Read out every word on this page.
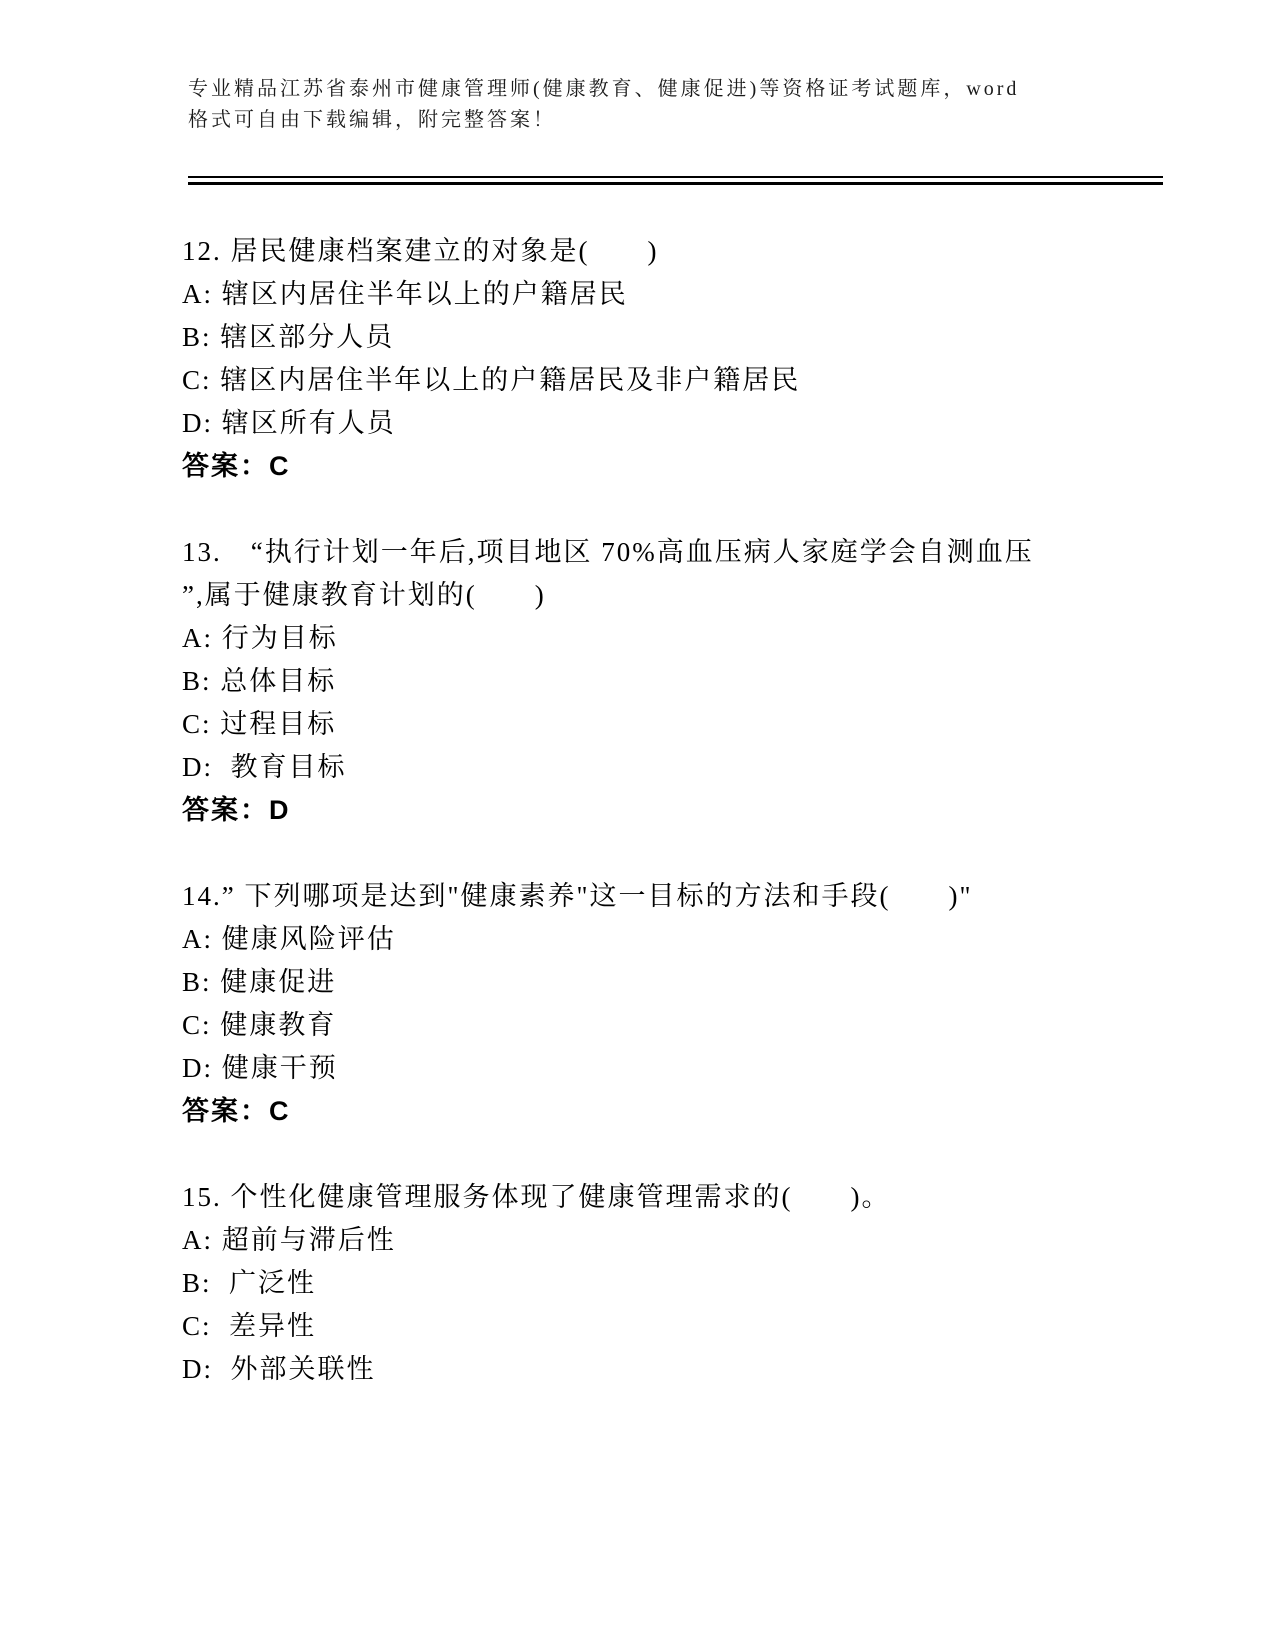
专业精品江苏省泰州市健康管理师(健康教育、健康促进)等资格证考试题库，word
格式可自由下载编辑，附完整答案！
12. 居民健康档案建立的对象是(　　)
A: 辖区内居住半年以上的户籍居民
B: 辖区部分人员
C: 辖区内居住半年以上的户籍居民及非户籍居民
D: 辖区所有人员
答案：C
13.　“执行计划一年后,项目地区 70%高血压病人家庭学会自测血压
”,属于健康教育计划的(　　)
A: 行为目标
B: 总体目标
C: 过程目标
D:  教育目标
答案：D
14.” 下列哪项是达到"健康素养"这一目标的方法和手段(　　)"
A: 健康风险评估
B: 健康促进
C: 健康教育
D: 健康干预
答案：C
15. 个性化健康管理服务体现了健康管理需求的(　　)。
A: 超前与滞后性
B:  广泛性
C:  差异性
D:  外部关联性
